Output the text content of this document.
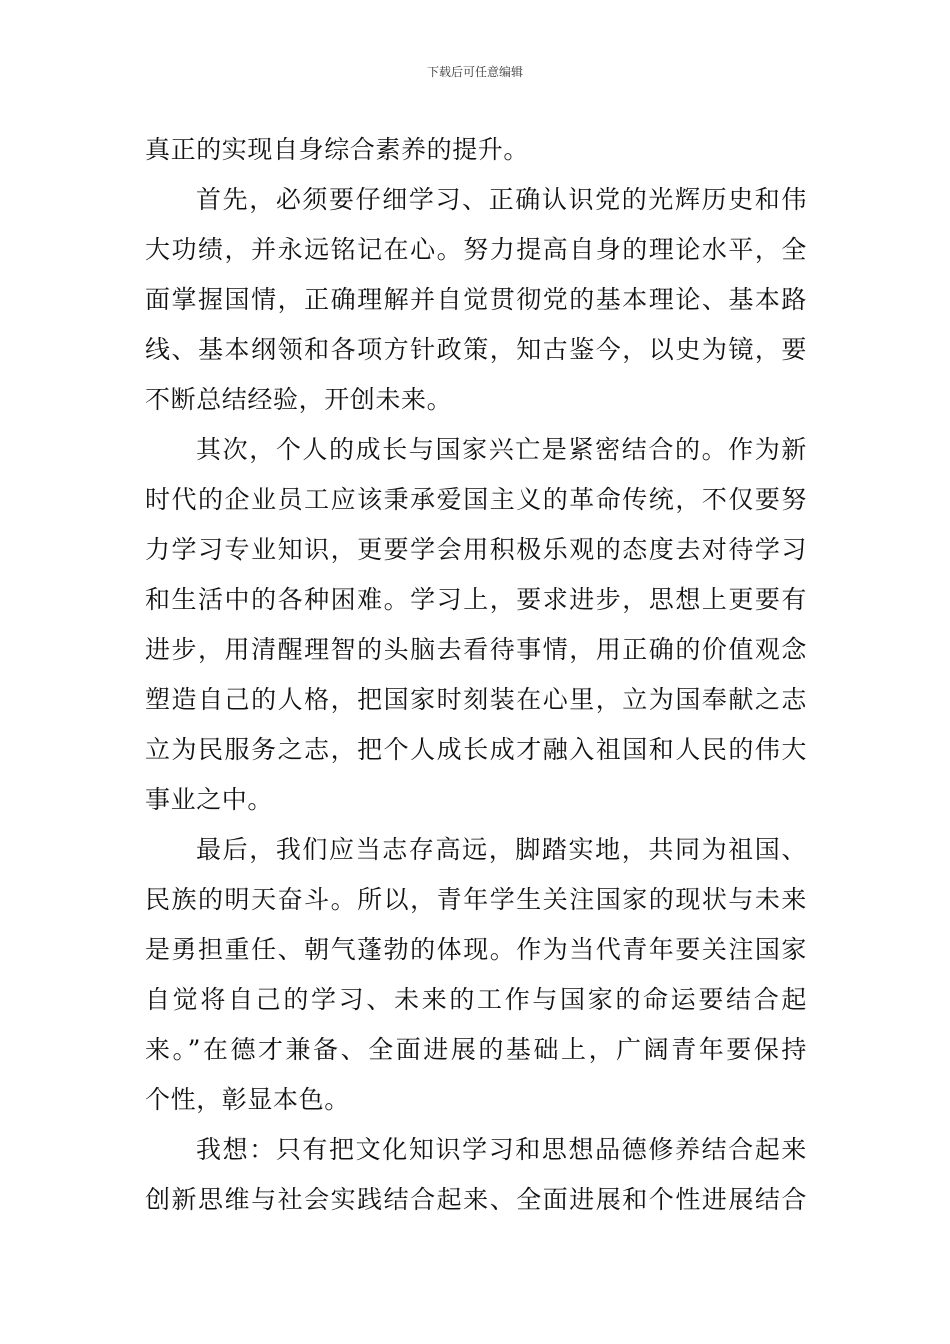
下载后可任意编辑
真正的实现自身综合素养的提升。
首先，必须要仔细学习、正确认识党的光辉历史和伟
大功绩，并永远铭记在心。努力提高自身的理论水平，全
面掌握国情，正确理解并自觉贯彻党的基本理论、基本路
线、基本纲领和各项方针政策，知古鉴今，以史为镜，要
不断总结经验，开创未来。
其次，个人的成长与国家兴亡是紧密结合的。作为新
时代的企业员工应该秉承爱国主义的革命传统，不仅要努
力学习专业知识，更要学会用积极乐观的态度去对待学习
和生活中的各种困难。学习上，要求进步，思想上更要有
进步，用清醒理智的头脑去看待事情，用正确的价值观念
塑造自己的人格，把国家时刻装在心里，立为国奉献之志
立为民服务之志，把个人成长成才融入祖国和人民的伟大
事业之中。
最后，我们应当志存高远，脚踏实地，共同为祖国、
民族的明天奋斗。所以，青年学生关注国家的现状与未来
是勇担重任、朝气蓬勃的体现。作为当代青年要关注国家
自觉将自己的学习、未来的工作与国家的命运要结合起
来。”在德才兼备、全面进展的基础上，广阔青年要保持
个性，彰显本色。
我想：只有把文化知识学习和思想品德修养结合起来
创新思维与社会实践结合起来、全面进展和个性进展结合
